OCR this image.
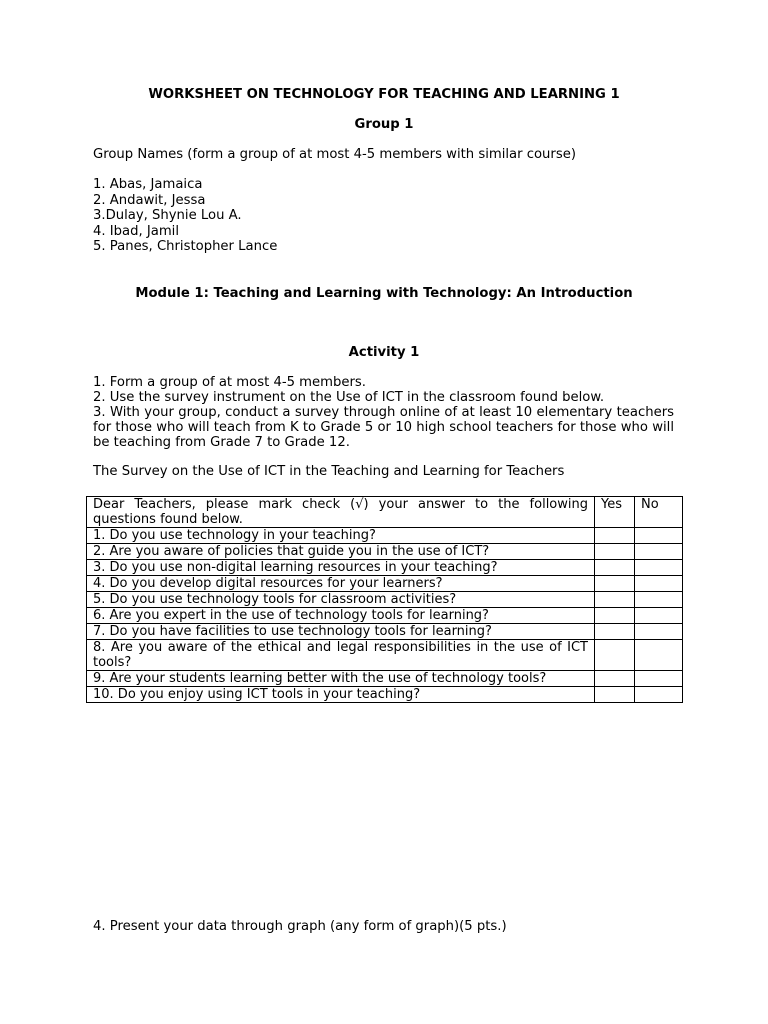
WORKSHEET ON TECHNOLOGY FOR TEACHING AND LEARNING 1
Group 1
Group Names (form a group of at most 4-5 members with similar course)
1. Abas, Jamaica
2. Andawit, Jessa
3.Dulay, Shynie Lou A.
4. Ibad, Jamil
5. Panes, Christopher Lance
Module 1: Teaching and Learning with Technology: An Introduction
Activity 1
1. Form a group of at most 4-5 members.
2. Use the survey instrument on the Use of ICT in the classroom found below.
3. With your group, conduct a survey through online of at least 10 elementary teachers for those who will teach from K to Grade 5 or 10 high school teachers for those who will be teaching from Grade 7 to Grade 12.
The Survey on the Use of ICT in the Teaching and Learning for Teachers
Dear Teachers, please mark check (√) your answer to the following questions found below.	Yes	No
1. Do you use technology in your teaching?		
2. Are you aware of policies that guide you in the use of ICT?		
3. Do you use non-digital learning resources in your teaching?		
4. Do you develop digital resources for your learners?		
5. Do you use technology tools for classroom activities?		
6. Are you expert in the use of technology tools for learning?		
7. Do you have facilities to use technology tools for learning?		
8. Are you aware of the ethical and legal responsibilities in the use of ICT tools?		
9. Are your students learning better with the use of technology tools?		
10. Do you enjoy using ICT tools in your teaching?		
4. Present your data through graph (any form of graph)(5 pts.)
